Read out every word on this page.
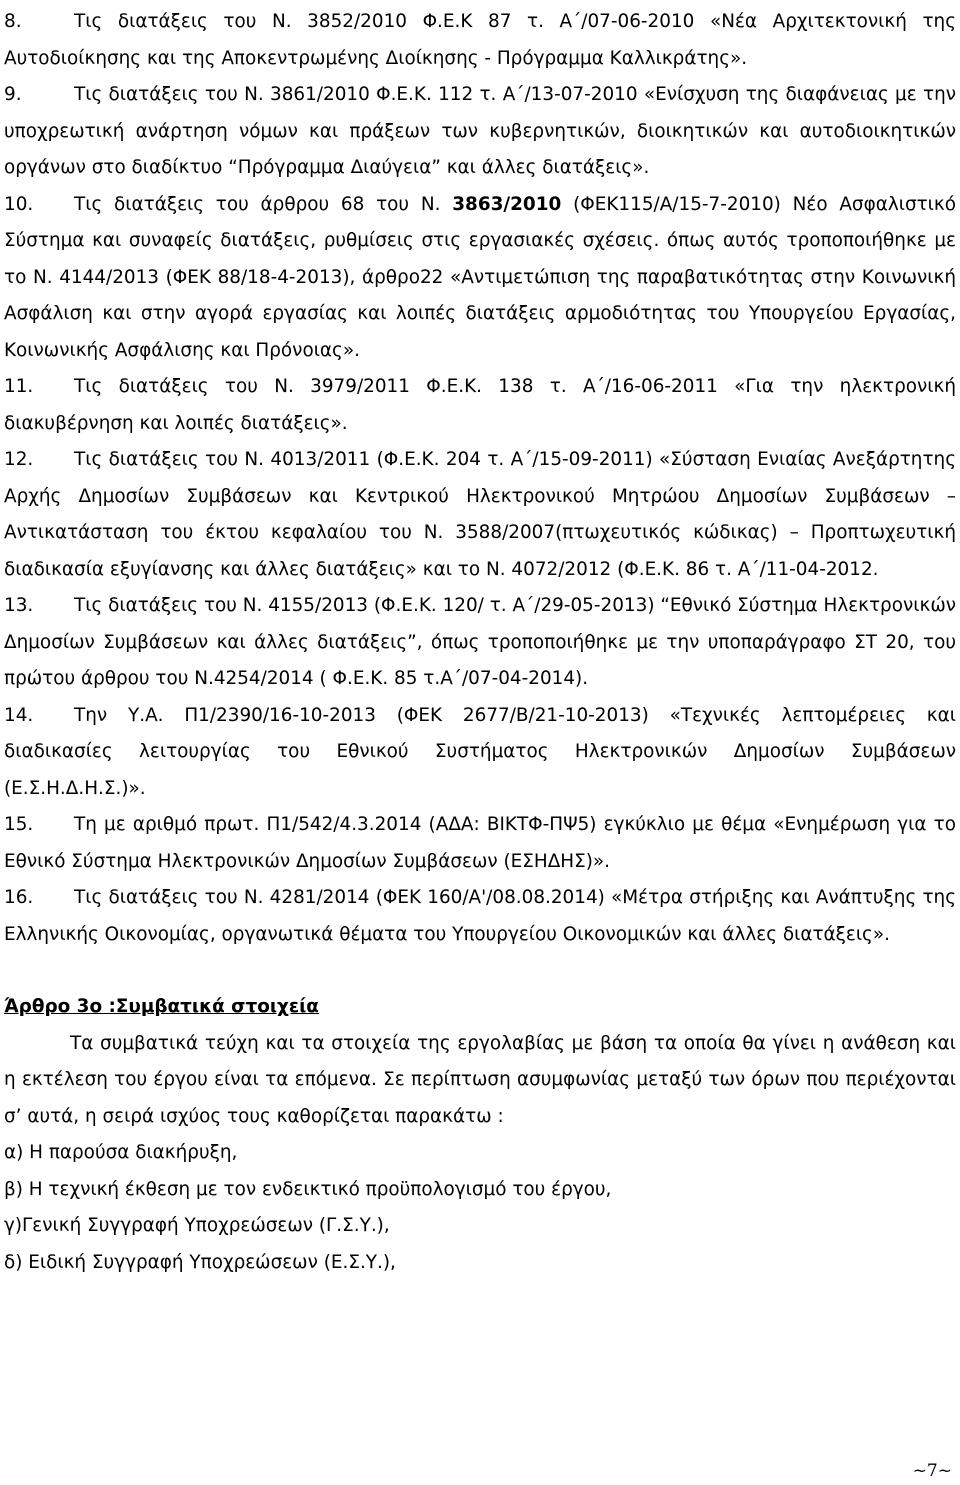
8.	Τις διατάξεις του Ν. 3852/2010 Φ.Ε.Κ 87 τ. Α΄/07-06-2010 «Νέα Αρχιτεκτονική της Αυτοδιοίκησης και της Αποκεντρωμένης Διοίκησης - Πρόγραμμα Καλλικράτης».

9.	Τις διατάξεις του Ν. 3861/2010 Φ.Ε.Κ. 112 τ. Α΄/13-07-2010 «Ενίσχυση της διαφάνειας με την υποχρεωτική ανάρτηση νόμων και πράξεων των κυβερνητικών, διοικητικών και αυτοδιοικητικών οργάνων στο διαδίκτυο “Πρόγραμμα Διαύγεια” και άλλες διατάξεις».

10. Τις διατάξεις του άρθρου 68 του Ν. 3863/2010 (ΦΕΚ115/Α/15-7-2010) Νέο Ασφαλιστικό Σύστημα και συναφείς διατάξεις, ρυθμίσεις στις εργασιακές σχέσεις. όπως αυτός τροποποιήθηκε με το Ν. 4144/2013 (ΦΕΚ 88/18-4-2013), άρθρο22 «Αντιμετώπιση της παραβατικότητας στην Κοινωνική Ασφάλιση και στην αγορά εργασίας και λοιπές διατάξεις αρμοδιότητας του Υπουργείου Εργασίας, Κοινωνικής Ασφάλισης και Πρόνοιας».

11. Τις διατάξεις του Ν. 3979/2011 Φ.Ε.Κ. 138 τ. Α΄/16-06-2011 «Για την ηλεκτρονική διακυβέρνηση και λοιπές διατάξεις».

12. Τις διατάξεις του Ν. 4013/2011 (Φ.Ε.Κ. 204 τ. Α΄/15-09-2011) «Σύσταση Ενιαίας Ανεξάρτητης Αρχής Δημοσίων Συμβάσεων και Κεντρικού Ηλεκτρονικού Μητρώου Δημοσίων Συμβάσεων – Αντικατάσταση του έκτου κεφαλαίου του Ν. 3588/2007(πτωχευτικός κώδικας) – Προπτωχευτική διαδικασία εξυγίανσης και άλλες διατάξεις» και το Ν. 4072/2012 (Φ.Ε.Κ. 86 τ. Α΄/11-04-2012.

13. Τις διατάξεις του Ν. 4155/2013 (Φ.Ε.Κ. 120/ τ. Α΄/29-05-2013) “Εθνικό Σύστημα Ηλεκτρονικών Δημοσίων Συμβάσεων και άλλες διατάξεις”, όπως τροποποιήθηκε με την υποπαράγραφο ΣΤ 20, του πρώτου άρθρου του Ν.4254/2014 ( Φ.Ε.Κ. 85 τ.Α΄/07-04-2014).

14. Την Υ.Α. Π1/2390/16-10-2013 (ΦΕΚ 2677/Β/21-10-2013) «Τεχνικές λεπτομέρειες και διαδικασίες λειτουργίας του Εθνικού Συστήματος Ηλεκτρονικών Δημοσίων Συμβάσεων (Ε.Σ.Η.Δ.Η.Σ.)».

15. Τη με αριθμό πρωτ. Π1/542/4.3.2014 (ΑΔΑ: ΒΙΚΤΦ-ΠΨ5) εγκύκλιο με θέμα «Ενημέρωση για το Εθνικό Σύστημα Ηλεκτρονικών Δημοσίων Συμβάσεων (ΕΣΗΔΗΣ)».

16. Τις διατάξεις του Ν. 4281/2014 (ΦΕΚ 160/Α'/08.08.2014) «Μέτρα στήριξης και Ανάπτυξης της Ελληνικής Οικονομίας, οργανωτικά θέματα του Υπουργείου Οικονομικών και άλλες διατάξεις».

Άρθρο 3ο :Συμβατικά στοιχεία

Τα συμβατικά τεύχη και τα στοιχεία της εργολαβίας με βάση τα οποία θα γίνει η ανάθεση και η εκτέλεση του έργου είναι τα επόμενα. Σε περίπτωση ασυμφωνίας μεταξύ των όρων που περιέχονται σ’ αυτά, η σειρά ισχύος τους καθορίζεται παρακάτω :

α) Η παρούσα διακήρυξη,

β) Η τεχνική έκθεση με τον ενδεικτικό προϋπολογισμό του έργου,

γ)Γενική Συγγραφή Υποχρεώσεων (Γ.Σ.Υ.),

δ) Ειδική Συγγραφή Υποχρεώσεων (Ε.Σ.Υ.),

~7~
